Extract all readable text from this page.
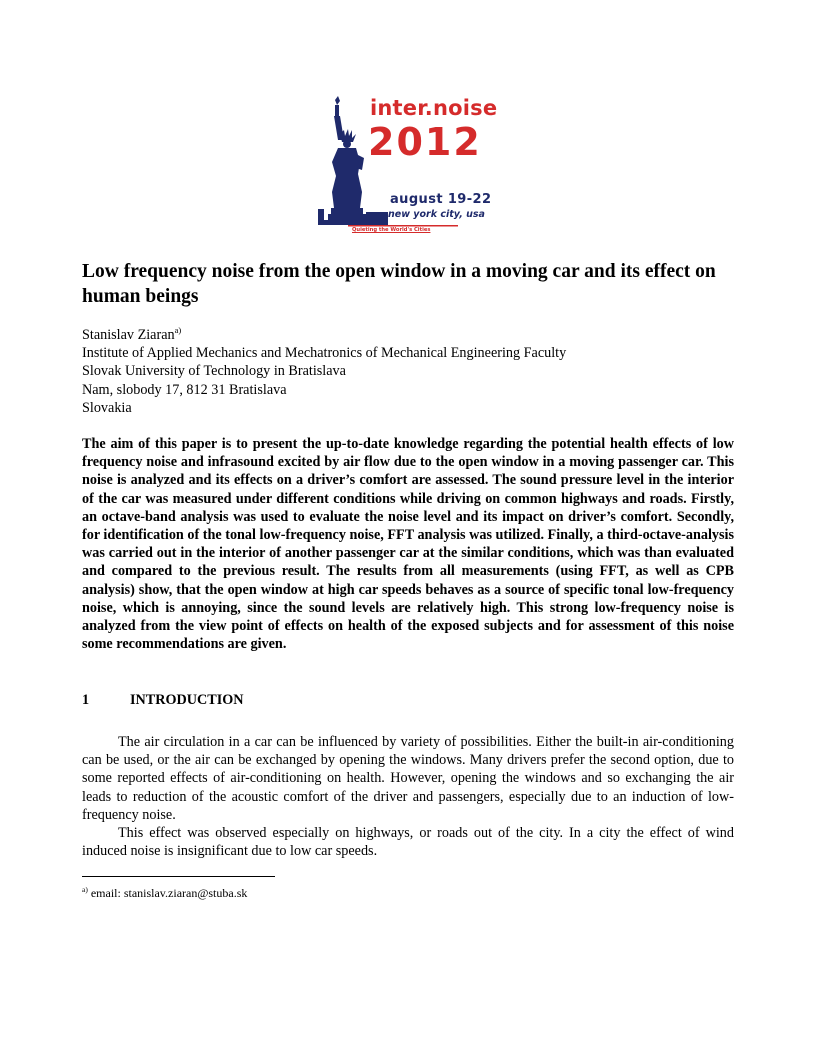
inter.noise
2012
august 19-22
new york city, usa
Quieting the World's Cities
Low frequency noise from the open window in a moving car and its effect on human beings
Stanislav Ziaran$^{a)}$
Institute of Applied Mechanics and Mechatronics of Mechanical Engineering Faculty
Slovak University of Technology in Bratislava
Nam, slobody 17, 812 31 Bratislava
Slovakia

The aim of this paper is to present the up-to-date knowledge regarding the potential health effects of low frequency noise and infrasound excited by air flow due to the open window in a moving passenger car. This noise is analyzed and its effects on a driver’s comfort are assessed. The sound pressure level in the interior of the car was measured under different conditions while driving on common highways and roads. Firstly, an octave-band analysis was used to evaluate the noise level and its impact on driver’s comfort. Secondly, for identification of the tonal low-frequency noise, FFT analysis was utilized. Finally, a third-octave-analysis was carried out in the interior of another passenger car at the similar conditions, which was than evaluated and compared to the previous result. The results from all measurements (using FFT, as well as CPB analysis) show, that the open window at high car speeds behaves as a source of specific tonal low-frequency noise, which is annoying, since the sound levels are relatively high. This strong low-frequency noise is analyzed from the view point of effects on health of the exposed subjects and for assessment of this noise some recommendations are given.

1	INTRODUCTION

The air circulation in a car can be influenced by variety of possibilities. Either the built-in air-conditioning can be used, or the air can be exchanged by opening the windows. Many drivers prefer the second option, due to some reported effects of air-conditioning on health. However, opening the windows and so exchanging the air leads to reduction of the acoustic comfort of the driver and passengers, especially due to an induction of low-frequency noise.

This effect was observed especially on highways, or roads out of the city. In a city the effect of wind induced noise is insignificant due to low car speeds.

$^{a)}$ email: stanislav.ziaran@stuba.sk
